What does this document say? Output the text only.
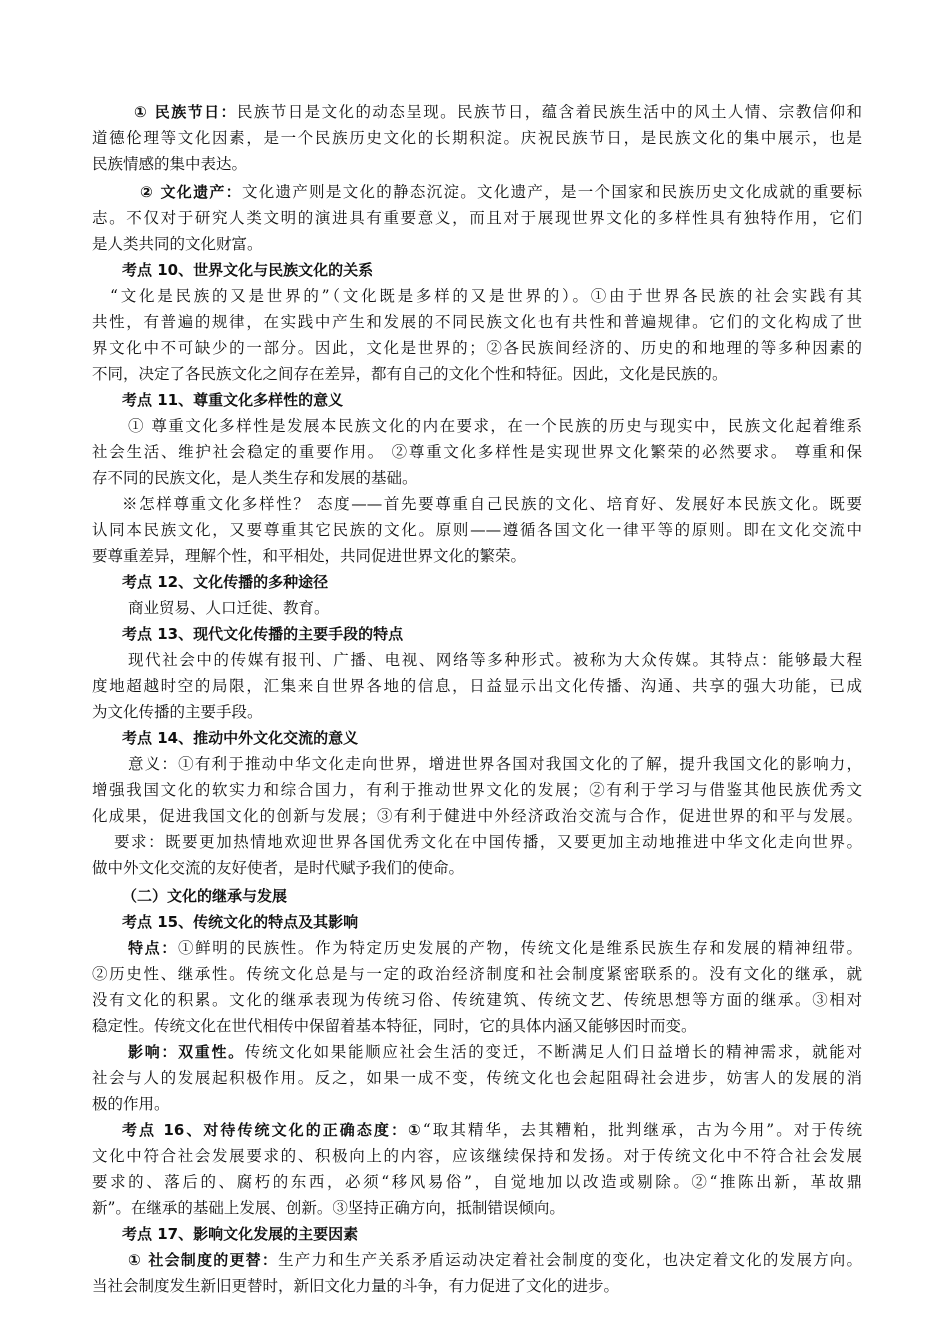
① 民族节日：民族节日是文化的动态呈现。民族节日，蕴含着民族生活中的风土人情、宗教信仰和
道德伦理等文化因素，是一个民族历史文化的长期积淀。庆祝民族节日，是民族文化的集中展示，也是
民族情感的集中表达。
② 文化遗产：文化遗产则是文化的静态沉淀。文化遗产，是一个国家和民族历史文化成就的重要标
志。不仅对于研究人类文明的演进具有重要意义，而且对于展现世界文化的多样性具有独特作用，它们
是人类共同的文化财富。
考点 10、世界文化与民族文化的关系
“文化是民族的又是世界的”（文化既是多样的又是世界的）。①由于世界各民族的社会实践有其
共性，有普遍的规律，在实践中产生和发展的不同民族文化也有共性和普遍规律。它们的文化构成了世
界文化中不可缺少的一部分。因此，文化是世界的；②各民族间经济的、历史的和地理的等多种因素的
不同，决定了各民族文化之间存在差异，都有自己的文化个性和特征。因此，文化是民族的。
考点 11、尊重文化多样性的意义
① 尊重文化多样性是发展本民族文化的内在要求，在一个民族的历史与现实中，民族文化起着维系
社会生活、维护社会稳定的重要作用。 ②尊重文化多样性是实现世界文化繁荣的必然要求。 尊重和保
存不同的民族文化，是人类生存和发展的基础。
※怎样尊重文化多样性？ 态度——首先要尊重自己民族的文化、培育好、发展好本民族文化。既要
认同本民族文化，又要尊重其它民族的文化。原则——遵循各国文化一律平等的原则。即在文化交流中
要尊重差异，理解个性，和平相处，共同促进世界文化的繁荣。
考点 12、文化传播的多种途径
商业贸易、人口迁徙、教育。
考点 13、现代文化传播的主要手段的特点
现代社会中的传媒有报刊、广播、电视、网络等多种形式。被称为大众传媒。其特点：能够最大程
度地超越时空的局限，汇集来自世界各地的信息，日益显示出文化传播、沟通、共享的强大功能，已成
为文化传播的主要手段。
考点 14、推动中外文化交流的意义
意义：①有利于推动中华文化走向世界，增进世界各国对我国文化的了解，提升我国文化的影响力，
增强我国文化的软实力和综合国力，有利于推动世界文化的发展；②有利于学习与借鉴其他民族优秀文
化成果，促进我国文化的创新与发展；③有利于健进中外经济政治交流与合作，促进世界的和平与发展。
要求：既要更加热情地欢迎世界各国优秀文化在中国传播，又要更加主动地推进中华文化走向世界。
做中外文化交流的友好使者，是时代赋予我们的使命。
（二）文化的继承与发展
考点 15、传统文化的特点及其影响
特点：①鲜明的民族性。作为特定历史发展的产物，传统文化是维系民族生存和发展的精神纽带。
②历史性、继承性。传统文化总是与一定的政治经济制度和社会制度紧密联系的。没有文化的继承，就
没有文化的积累。文化的继承表现为传统习俗、传统建筑、传统文艺、传统思想等方面的继承。③相对
稳定性。传统文化在世代相传中保留着基本特征，同时，它的具体内涵又能够因时而变。
影响：双重性。传统文化如果能顺应社会生活的变迁，不断满足人们日益增长的精神需求，就能对
社会与人的发展起积极作用。反之，如果一成不变，传统文化也会起阻碍社会进步，妨害人的发展的消
极的作用。
考点 16、对待传统文化的正确态度：①“取其精华，去其糟粕，批判继承，古为今用”。对于传统
文化中符合社会发展要求的、积极向上的内容，应该继续保持和发扬。对于传统文化中不符合社会发展
要求的、落后的、腐朽的东西，必须“移风易俗”，自觉地加以改造或剔除。②“推陈出新，革故鼎
新”。在继承的基础上发展、创新。③坚持正确方向，抵制错误倾向。
考点 17、影响文化发展的主要因素
① 社会制度的更替：生产力和生产关系矛盾运动决定着社会制度的变化，也决定着文化的发展方向。
当社会制度发生新旧更替时，新旧文化力量的斗争，有力促进了文化的进步。
